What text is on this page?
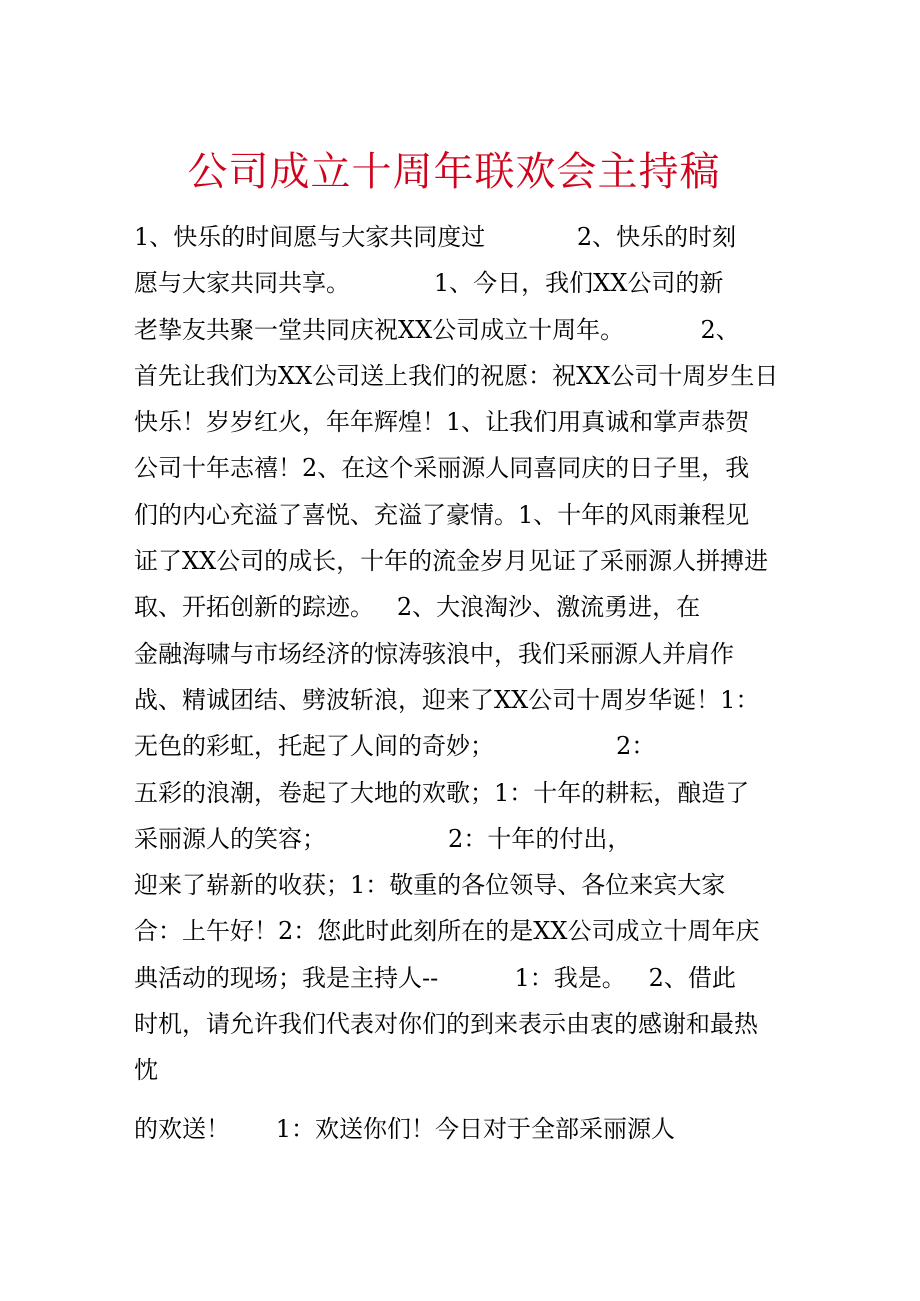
公司成立十周年联欢会主持稿
1、快乐的时间愿与大家共同度过            2、快乐的时刻
愿与大家共同共享。           1、今日，我们XX公司的新
老挚友共聚一堂共同庆祝XX公司成立十周年。          2、
首先让我们为XX公司送上我们的祝愿：祝XX公司十周岁生日
快乐！岁岁红火，年年辉煌！1、让我们用真诚和掌声恭贺
公司十年志禧！2、在这个采丽源人同喜同庆的日子里，我
们的内心充溢了喜悦、充溢了豪情。1、十年的风雨兼程见
证了XX公司的成长，十年的流金岁月见证了采丽源人拼搏进
取、开拓创新的踪迹。   2、大浪淘沙、激流勇进，在
金融海啸与市场经济的惊涛骇浪中，我们采丽源人并肩作
战、精诚团结、劈波斩浪，迎来了XX公司十周岁华诞！1：
无色的彩虹，托起了人间的奇妙；                2：
五彩的浪潮，卷起了大地的欢歌；1：十年的耕耘，酿造了
采丽源人的笑容；                2：十年的付出，
迎来了崭新的收获；1：敬重的各位领导、各位来宾大家
合：上午好！2：您此时此刻所在的是XX公司成立十周年庆
典活动的现场；我是主持人--          1：我是。   2、借此
时机，请允许我们代表对你们的到来表示由衷的感谢和最热
忱
的欢送！      1：欢送你们！今日对于全部采丽源人
